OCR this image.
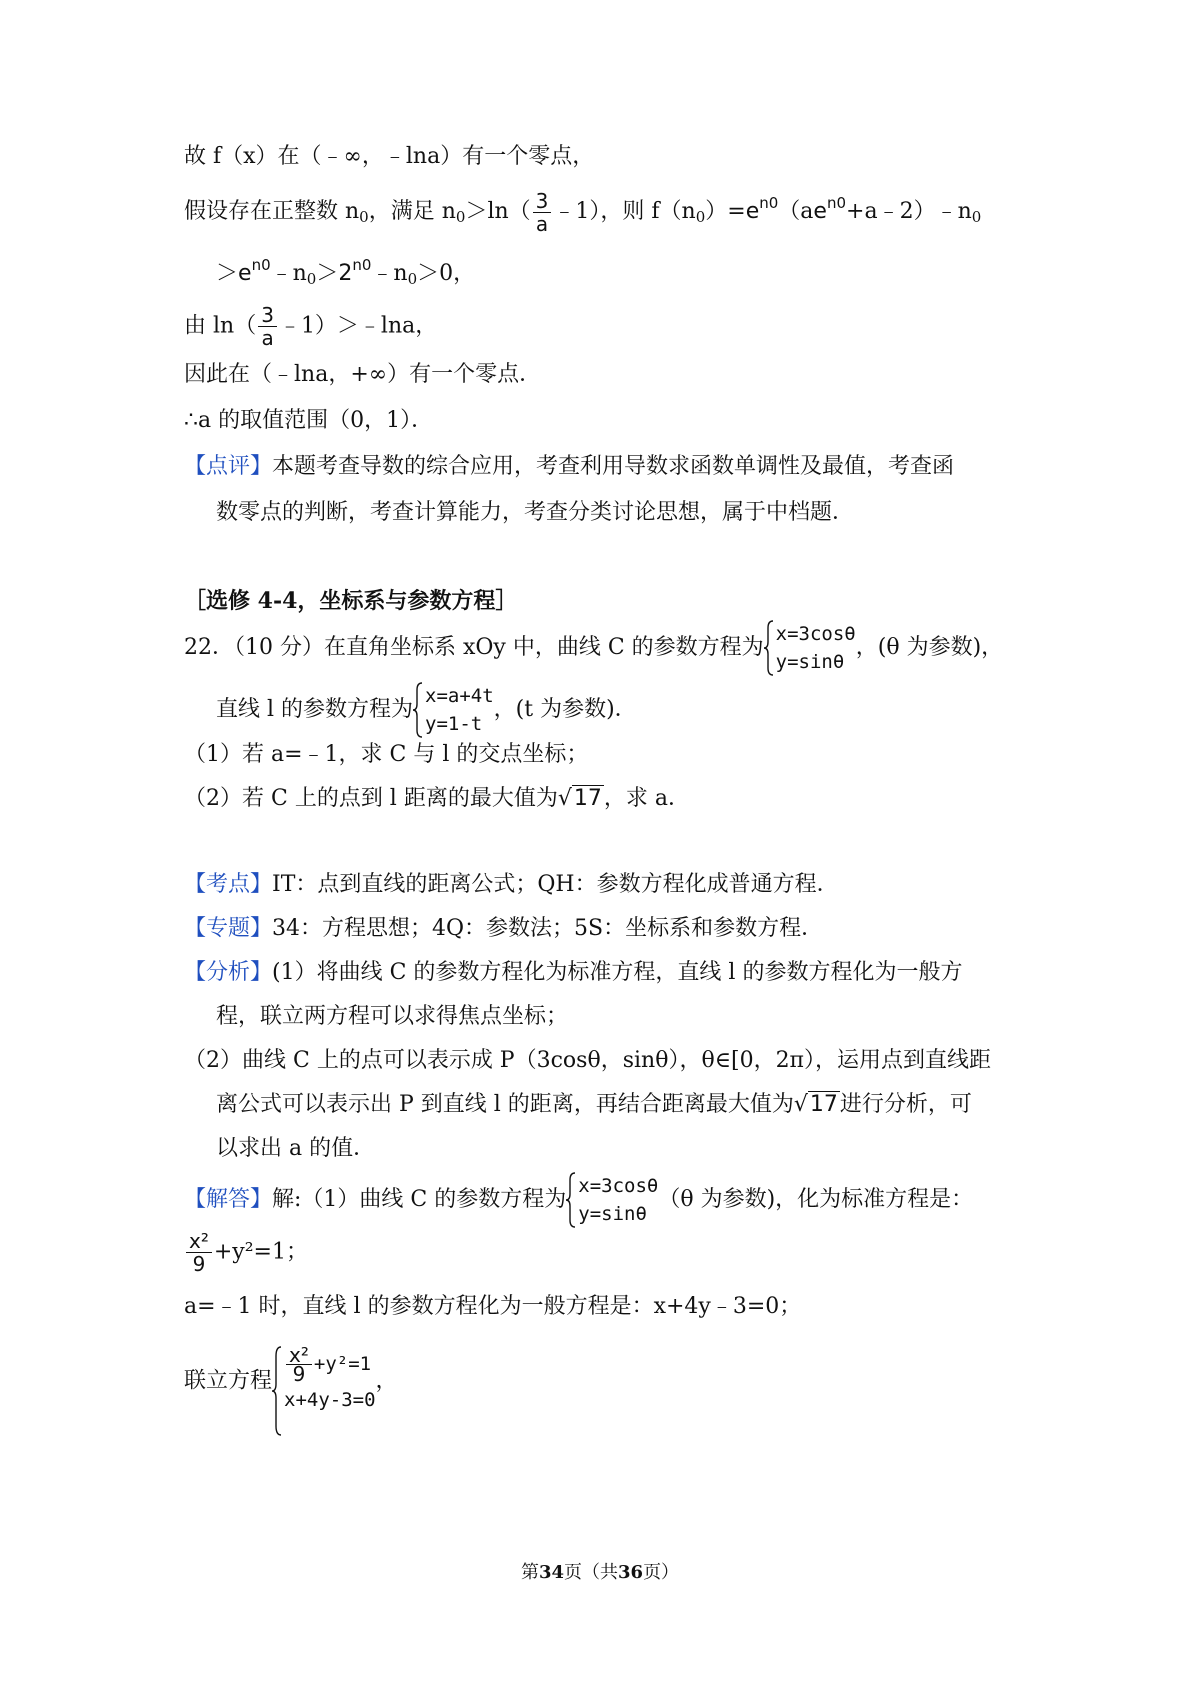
故 f（x）在（﹣∞，﹣lna）有一个零点，
假设存在正整数 $n_0$，满足 $n_0>\ln( \frac{3}{a}$ ﹣1），则 $f(n_0)=e^{n0}(ae^{n0}+a﹣2)﹣n_0$
$>e^{n0}﹣n_0>2^{n0}﹣n_0>0$，
由 $\ln( \frac{3}{a}$ ﹣1）＞﹣lna，
因此在（﹣lna，+∞）有一个零点．
∴a 的取值范围（0，1）．
【点评】本题考查导数的综合应用，考查利用导数求函数单调性及最值，考查函
数零点的判断，考查计算能力，考查分类讨论思想，属于中档题．
［选修 4-4，坐标系与参数方程］
22．（10 分）在直角坐标系 xOy 中，曲线 C 的参数方程为
x=3cosθ
y=sinθ
，(θ 为参数)，
直线 l 的参数方程为
x=a+4t
y=1-t
，(t 为参数)．
（1）若 a=﹣1，求 C 与 l 的交点坐标；
（2）若 C 上的点到 l 距离的最大值为√17，求 a．
【考点】IT：点到直线的距离公式；QH：参数方程化成普通方程．
【专题】34：方程思想；4Q：参数法；5S：坐标系和参数方程．
【分析】(1）将曲线 C 的参数方程化为标准方程，直线 l 的参数方程化为一般方
程，联立两方程可以求得焦点坐标；
（2）曲线 C 上的点可以表示成 P（3cosθ，sinθ），θ∈[0，2π），运用点到直线距
离公式可以表示出 P 到直线 l 的距离，再结合距离最大值为√17进行分析，可
以求出 a 的值．
【解答】解:（1）曲线 C 的参数方程为
x=3cosθ
y=sinθ
（θ 为参数)，化为标准方程是：
$\frac{\text{x²}}{9} +y^2=1$；
a=﹣1 时，直线 l 的参数方程化为一般方程是：x+4y﹣3=0；
联立方程 $\frac{\text{x²}}{9} +y^2=1$
x+4y-3=0
，
第34页（共36页）
